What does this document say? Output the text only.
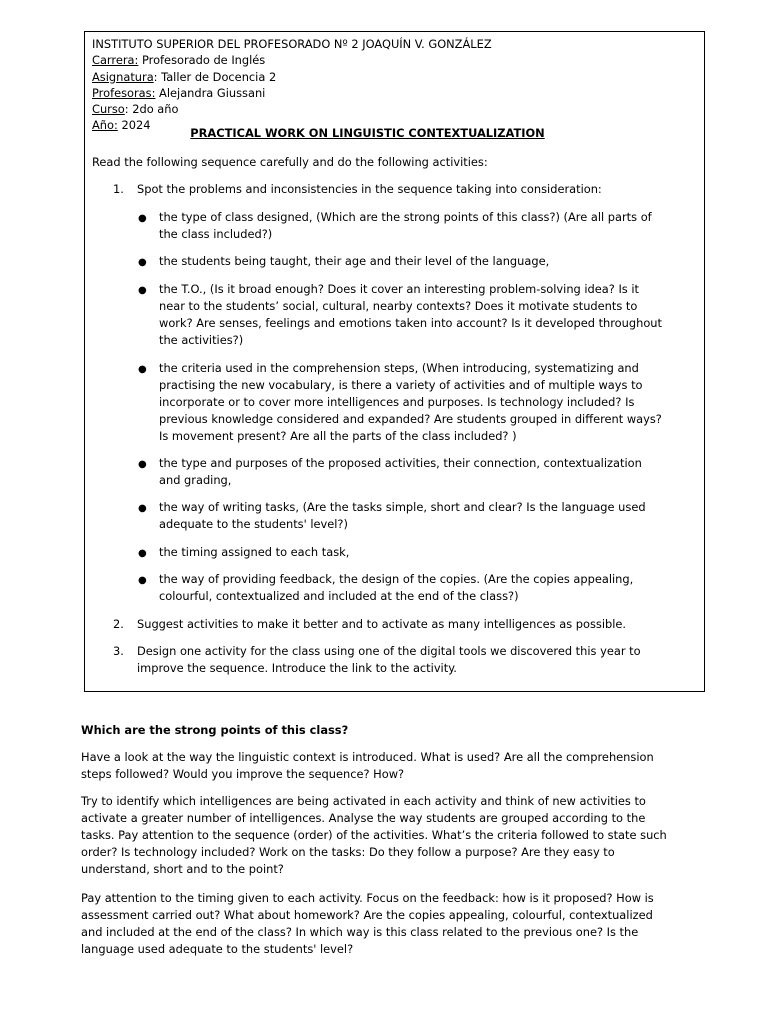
INSTITUTO SUPERIOR DEL PROFESORADO Nº 2 JOAQUÍN V. GONZÁLEZ
Carrera: Profesorado de Inglés
Asignatura: Taller de Docencia 2
Profesoras: Alejandra Giussani
Curso: 2do año
Año: 2024
PRACTICAL WORK ON LINGUISTIC CONTEXTUALIZATION
Read the following sequence carefully and do the following activities:
1. Spot the problems and inconsistencies in the sequence taking into consideration:
● the type of class designed, (Which are the strong points of this class?) (Are all parts of
the class included?)
● the students being taught, their age and their level of the language,
● the T.O., (Is it broad enough? Does it cover an interesting problem-solving idea? Is it
near to the students’ social, cultural, nearby contexts? Does it motivate students to
work? Are senses, feelings and emotions taken into account? Is it developed throughout
the activities?)
● the criteria used in the comprehension steps, (When introducing, systematizing and
practising the new vocabulary, is there a variety of activities and of multiple ways to
incorporate or to cover more intelligences and purposes. Is technology included? Is
previous knowledge considered and expanded? Are students grouped in different ways?
Is movement present? Are all the parts of the class included? )
● the type and purposes of the proposed activities, their connection, contextualization
and grading,
● the way of writing tasks, (Are the tasks simple, short and clear? Is the language used
adequate to the students' level?)
● the timing assigned to each task,
● the way of providing feedback, the design of the copies. (Are the copies appealing,
colourful, contextualized and included at the end of the class?)
2. Suggest activities to make it better and to activate as many intelligences as possible.
3. Design one activity for the class using one of the digital tools we discovered this year to
improve the sequence. Introduce the link to the activity.
Which are the strong points of this class?
Have a look at the way the linguistic context is introduced. What is used? Are all the comprehension
steps followed? Would you improve the sequence? How?
Try to identify which intelligences are being activated in each activity and think of new activities to
activate a greater number of intelligences. Analyse the way students are grouped according to the
tasks. Pay attention to the sequence (order) of the activities. What’s the criteria followed to state such
order? Is technology included? Work on the tasks: Do they follow a purpose? Are they easy to
understand, short and to the point?
Pay attention to the timing given to each activity. Focus on the feedback: how is it proposed? How is
assessment carried out? What about homework? Are the copies appealing, colourful, contextualized
and included at the end of the class? In which way is this class related to the previous one? Is the
language used adequate to the students' level?
